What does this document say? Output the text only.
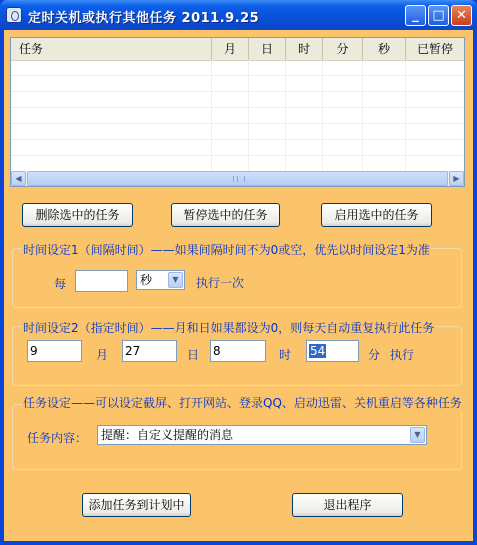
定时关机或执行其他任务 2011.9.25	_	□ ✕
任务	月	日	时	分	秒	已暂停
◀	▶
删除选中的任务	暂停选中的任务	启用选中的任务
时间设定1（间隔时间）——如果间隔时间不为0或空，优先以时间设定1为准
每	秒	▼	执行一次
时间设定2（指定时间）——月和日如果都设为0，则每天自动重复执行此任务
9	月 27	日 8	时	54	分 执行
任务设定——可以设定截屏、打开网站、登录QQ、启动迅雷、关机重启等各种任务
任务内容：	提醒：自定义提醒的消息	▼
添加任务到计划中	退出程序
